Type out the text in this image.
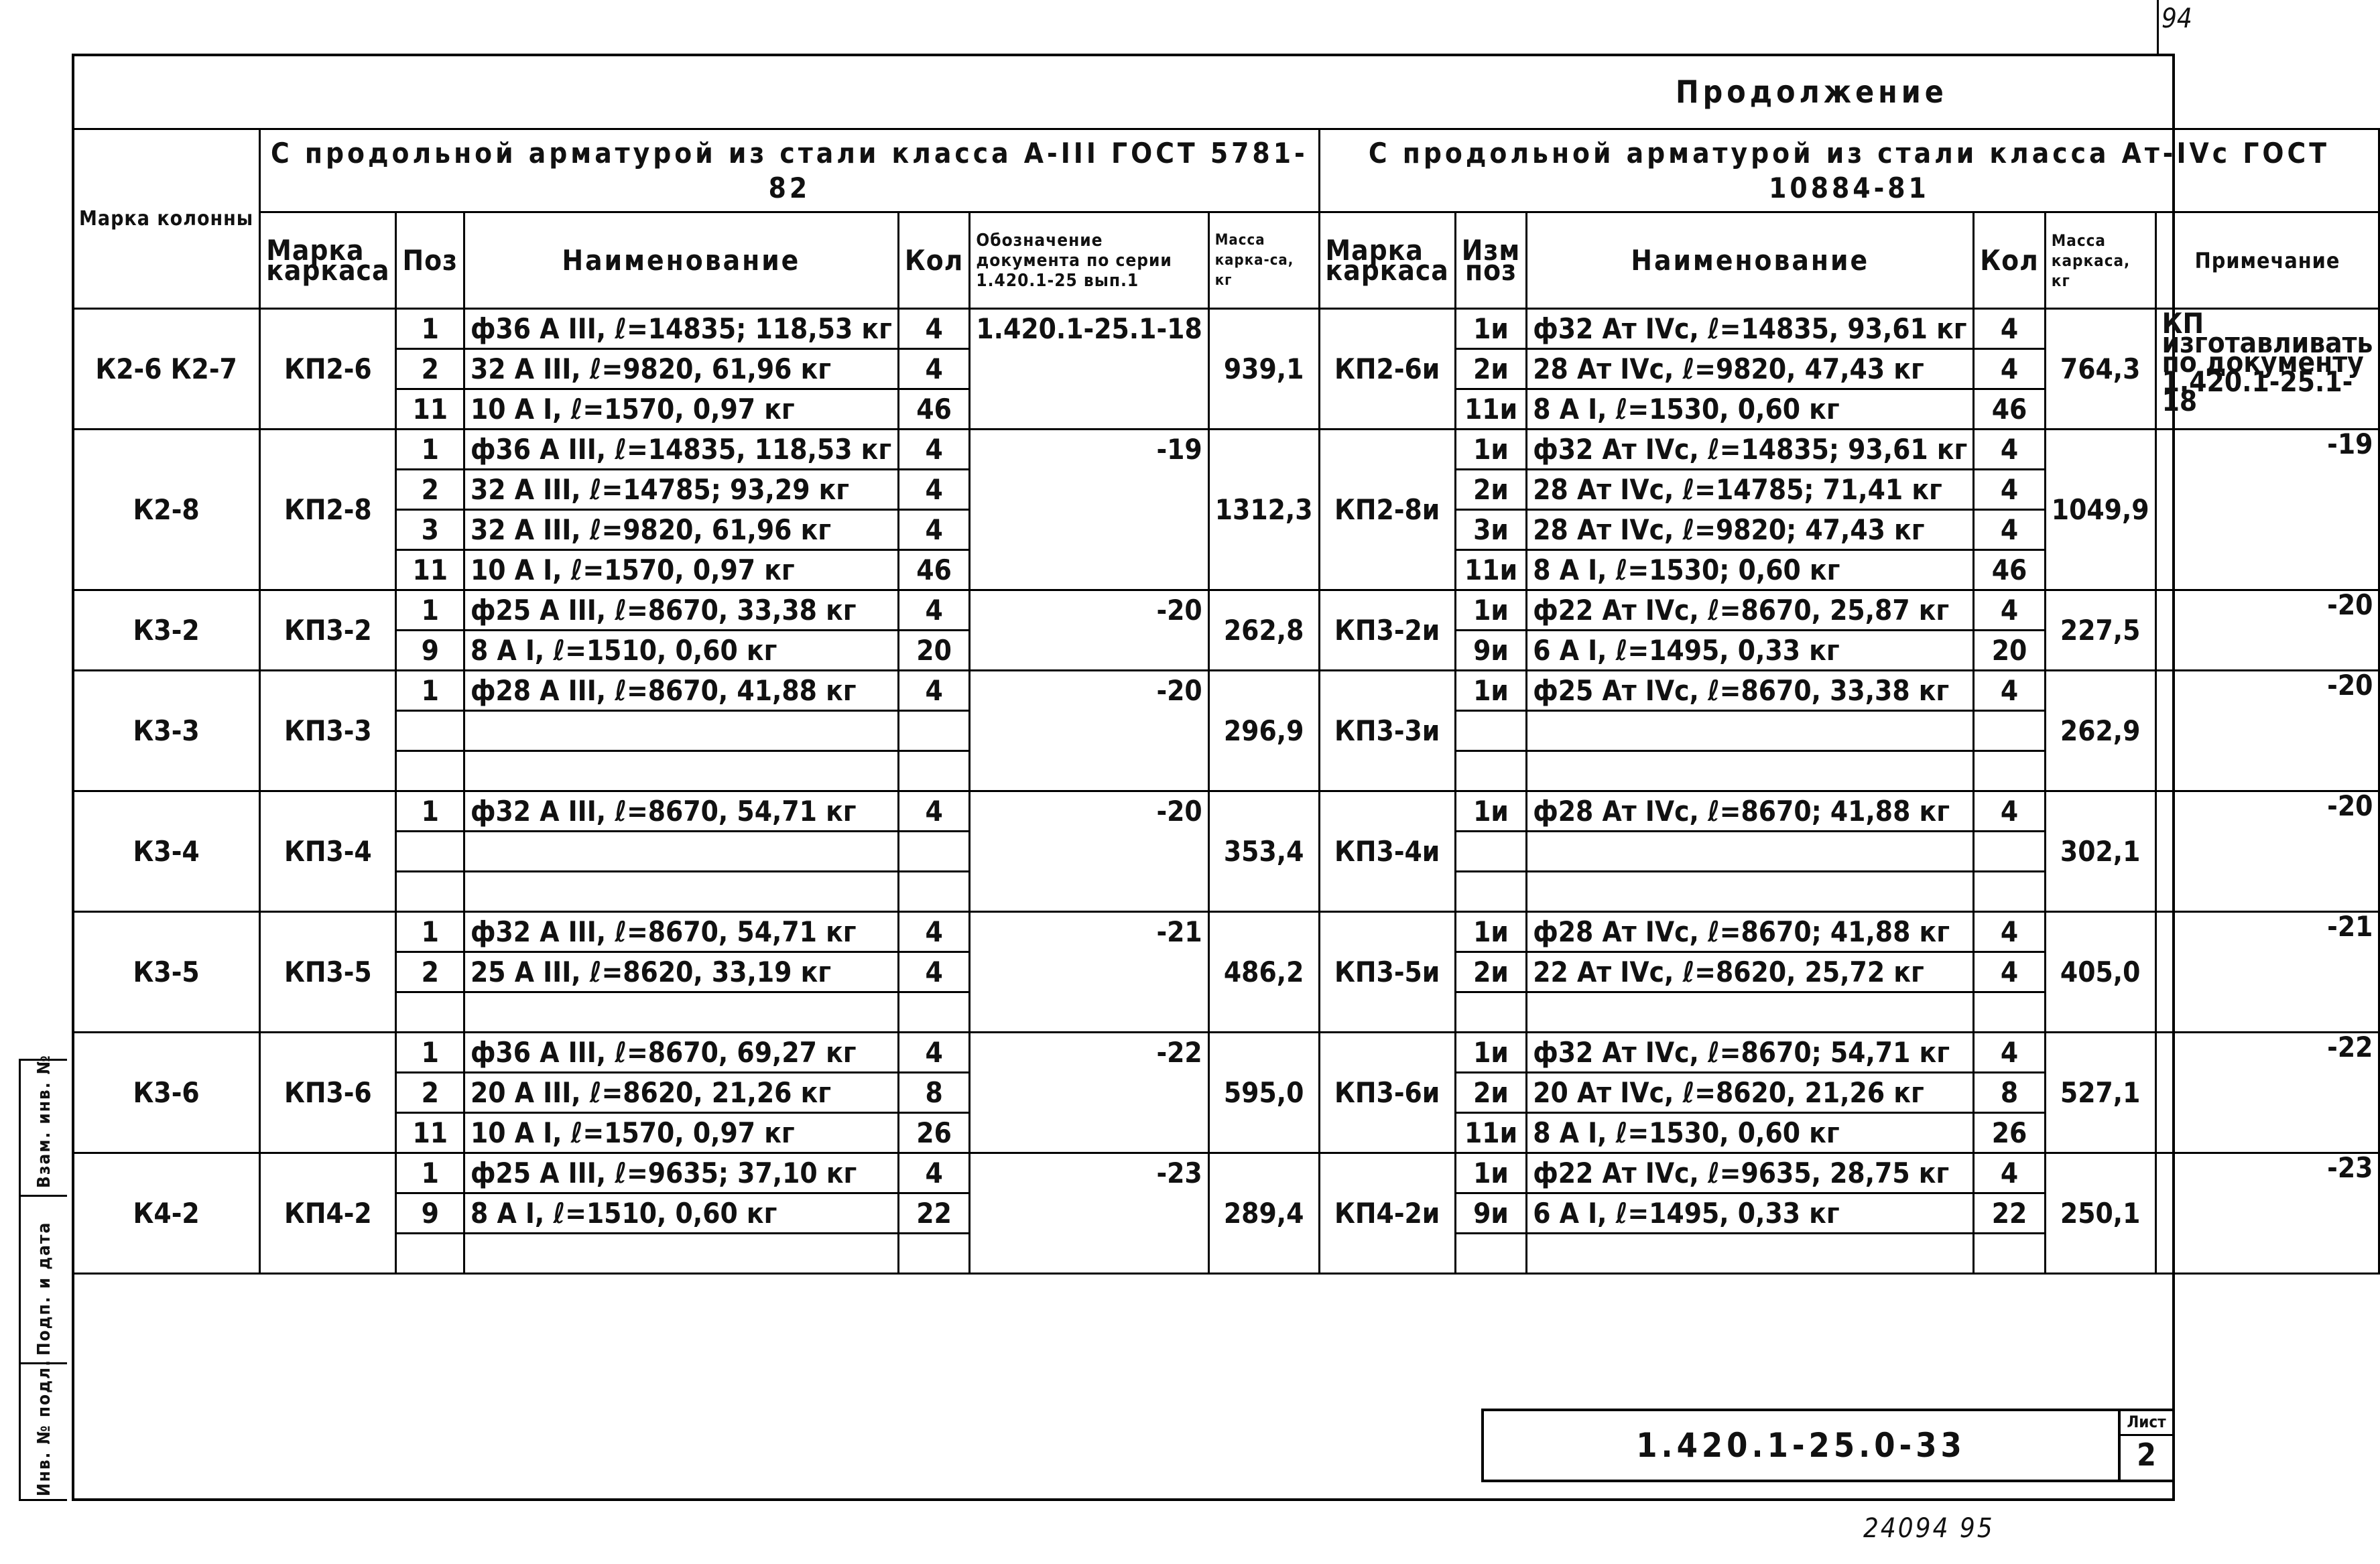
94
Продолжение
Марка колонны	С продольной арматурой из стали класса А-III ГОСТ 5781-82						С продольной арматурой из стали класса Ат-IVс ГОСТ 10884-81					
	Марка каркаса	Поз	Наименование	Кол	Обозначение документа по серии 1.420.1-25 вып.1	Масса карка-са, кг	Марка каркаса	Изм поз	Наименование	Кол	Масса каркаса, кг	Примечание
К2-6 К2-7	КП2-6	1	ф36 А III, ℓ=14835; 118,53 кг	4	1.420.1-25.1-18	939,1	КП2-6и	1и	ф32 Ат IVс, ℓ=14835, 93,61 кг	4	764,3	КП изготавливать по документу 1.420.1-25.1-18
		2	32 А III, ℓ=9820, 61,96 кг	4				2и	28 Ат IVс, ℓ=9820, 47,43 кг	4		
		11	10 А I, ℓ=1570, 0,97 кг	46				11и	8 А I, ℓ=1530, 0,60 кг	46		
К2-8	КП2-8	1	ф36 А III, ℓ=14835, 118,53 кг	4	-19	1312,3	КП2-8и	1и	ф32 Ат IVс, ℓ=14835; 93,61 кг	4	1049,9	-19
		2	32 А III, ℓ=14785; 93,29 кг	4				2и	28 Ат IVс, ℓ=14785; 71,41 кг	4		
		3	32 А III, ℓ=9820, 61,96 кг	4				3и	28 Ат IVс, ℓ=9820; 47,43 кг	4		
		11	10 А I, ℓ=1570, 0,97 кг	46				11и	8 А I, ℓ=1530; 0,60 кг	46		
К3-2	КП3-2	1	ф25 А III, ℓ=8670, 33,38 кг	4	-20	262,8	КП3-2и	1и	ф22 Ат IVс, ℓ=8670, 25,87 кг	4	227,5	-20
		9	8 А I, ℓ=1510, 0,60 кг	20				9и	6 А I, ℓ=1495, 0,33 кг	20		
К3-3	КП3-3	1	ф28 А III, ℓ=8670, 41,88 кг	4	-20	296,9	КП3-3и	1и	ф25 Ат IVс, ℓ=8670, 33,38 кг	4	262,9	-20

К3-4	КП3-4	1	ф32 А III, ℓ=8670, 54,71 кг	4	-20	353,4	КП3-4и	1и	ф28 Ат IVс, ℓ=8670; 41,88 кг	4	302,1	-20

К3-5	КП3-5	1	ф32 А III, ℓ=8670, 54,71 кг	4	-21	486,2	КП3-5и	1и	ф28 Ат IVс, ℓ=8670; 41,88 кг	4	405,0	-21
		2	25 А III, ℓ=8620, 33,19 кг	4				2и	22 Ат IVс, ℓ=8620, 25,72 кг	4		

К3-6	КП3-6	1	ф36 А III, ℓ=8670, 69,27 кг	4	-22	595,0	КП3-6и	1и	ф32 Ат IVс, ℓ=8670; 54,71 кг	4	527,1	-22
		2	20 А III, ℓ=8620, 21,26 кг	8				2и	20 Ат IVс, ℓ=8620, 21,26 кг	8		
		11	10 А I, ℓ=1570, 0,97 кг	26				11и	8 А I, ℓ=1530, 0,60 кг	26		
К4-2	КП4-2	1	ф25 А III, ℓ=9635; 37,10 кг	4	-23	289,4	КП4-2и	1и	ф22 Ат IVс, ℓ=9635, 28,75 кг	4	250,1	-23
		9	8 А I, ℓ=1510, 0,60 кг	22				9и	6 А I, ℓ=1495, 0,33 кг	22		

1.420.1-25.0-33
Лист
2
24094 95
Взам. инв. №
Подп. и дата
Инв. № подл.
